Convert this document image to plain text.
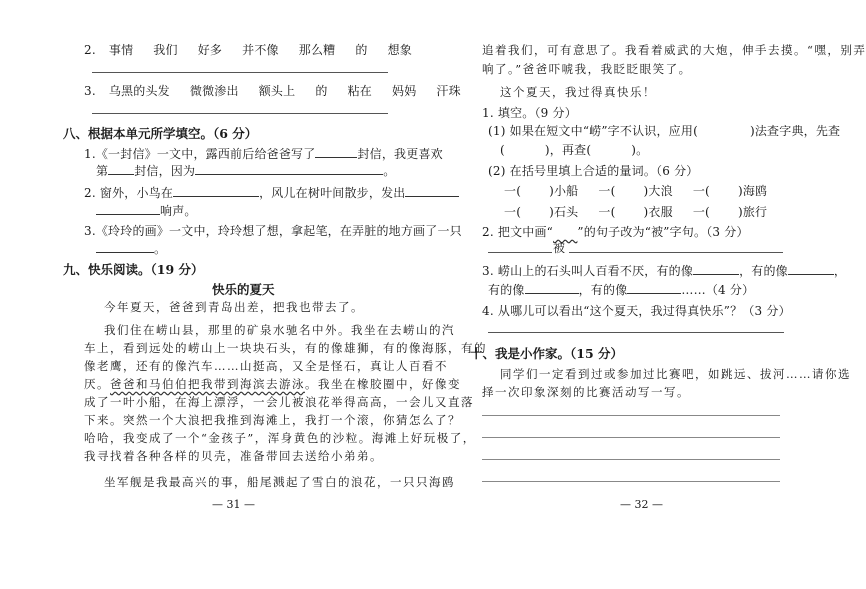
2. 事情 我们 好多 并不像 那么糟 的 想象
3. 乌黑的头发 微微渗出 额头上 的 粘在 妈妈 汗珠
八、根据本单元所学填空。（6 分）
1.《一封信》一文中，露西前后给爸爸写了	封信，我更喜欢
第 封信，因为	。
2. 窗外，小鸟在	，风儿在树叶间散步，发出
响声。
3.《玲玲的画》一文中，玲玲想了想，拿起笔，在弄脏的地方画了一只
。
九、快乐阅读。（19 分）
快乐的夏天
今年夏天，爸爸到青岛出差，把我也带去了。
我们住在崂山县，那里的矿泉水驰名中外。我坐在去崂山的汽
车上，看到远处的崂山上一块块石头，有的像雄狮，有的像海豚，有的
像老鹰，还有的像汽车……山挺高，又全是怪石，真让人百看不
厌。爸爸和马伯伯把我带到海滨去游泳。我坐在橡胶圈中，好像变
成了一叶小船，在海上漂浮，一会儿被浪花举得高高，一会儿又直落
下来。突然一个大浪把我推到海滩上，我打一个滚，你猜怎么了？
哈哈，我变成了一个“金孩子”，浑身黄色的沙粒。海滩上好玩极了，
我寻找着各种各样的贝壳，准备带回去送给小弟弟。
坐军舰是我最高兴的事，船尾溅起了雪白的浪花，一只只海鸥
— 31 —
追着我们，可有意思了。我看着威武的大炮，伸手去摸。“嘿，别弄
响了。”爸爸吓唬我，我眨眨眼笑了。
这个夏天，我过得真快乐！
1. 填空。（9 分）
(1) 如果在短文中“崂”字不认识，应用(	)法查字典，先查
(	)，再查(	)。
(2) 在括号里填上合适的量词。（6 分）
一( )小船 一( )大浪 一( )海鸥
一( )石头 一( )衣服 一( )旅行
2. 把文中画“　　 ”的句子改为“被”字句。（3 分）
被
3. 崂山上的石头叫人百看不厌，有的像	，有的像	，
有的像	，有的像	……（4 分）
4. 从哪儿可以看出“这个夏天，我过得真快乐”？（3 分）
十、我是小作家。（15 分）
同学们一定看到过或参加过比赛吧，如跳远、拔河……请你选
择一次印象深刻的比赛活动写一写。
— 32 —
